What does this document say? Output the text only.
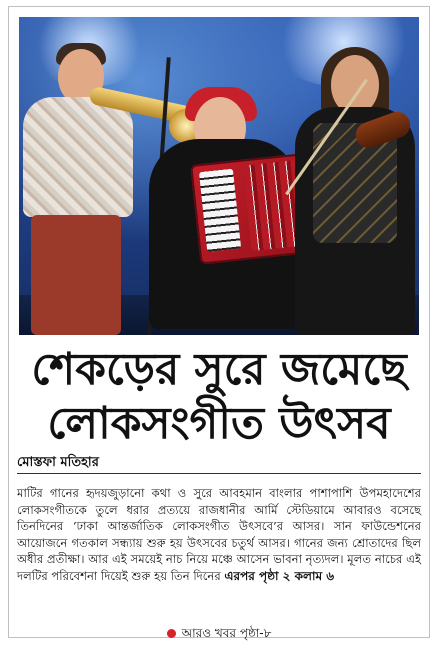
শেকড়ের সুরে জমেছে
লোকসংগীত উৎসব
মোস্তফা মতিহার
মাটির গানের হৃদয়জুড়ানো কথা ও সুরে আবহমান বাংলার পাশাপাশি উপমহাদেশের লোকসংগীতকে তুলে ধরার প্রত্যয়ে রাজধানীর আর্মি স্টেডিয়ামে আবারও বসেছে তিনদিনের ‘ঢাকা আন্তর্জাতিক লোকসংগীত উৎসবে’র আসর। সান ফাউন্ডেশনের আয়োজনে গতকাল সন্ধ্যায় শুরু হয় উৎসবের চতুর্থ আসর। গানের জন্য শ্রোতাদের ছিল অধীর প্রতীক্ষা। আর এই সময়েই নাচ নিয়ে মঞ্চে আসেন ভাবনা নৃত্যদল। মূলত নাচের এই দলটির পরিবেশনা দিয়েই শুরু হয় তিন দিনের এরপর পৃষ্ঠা ২ কলাম ৬
আরও খবর পৃষ্ঠা-৮
